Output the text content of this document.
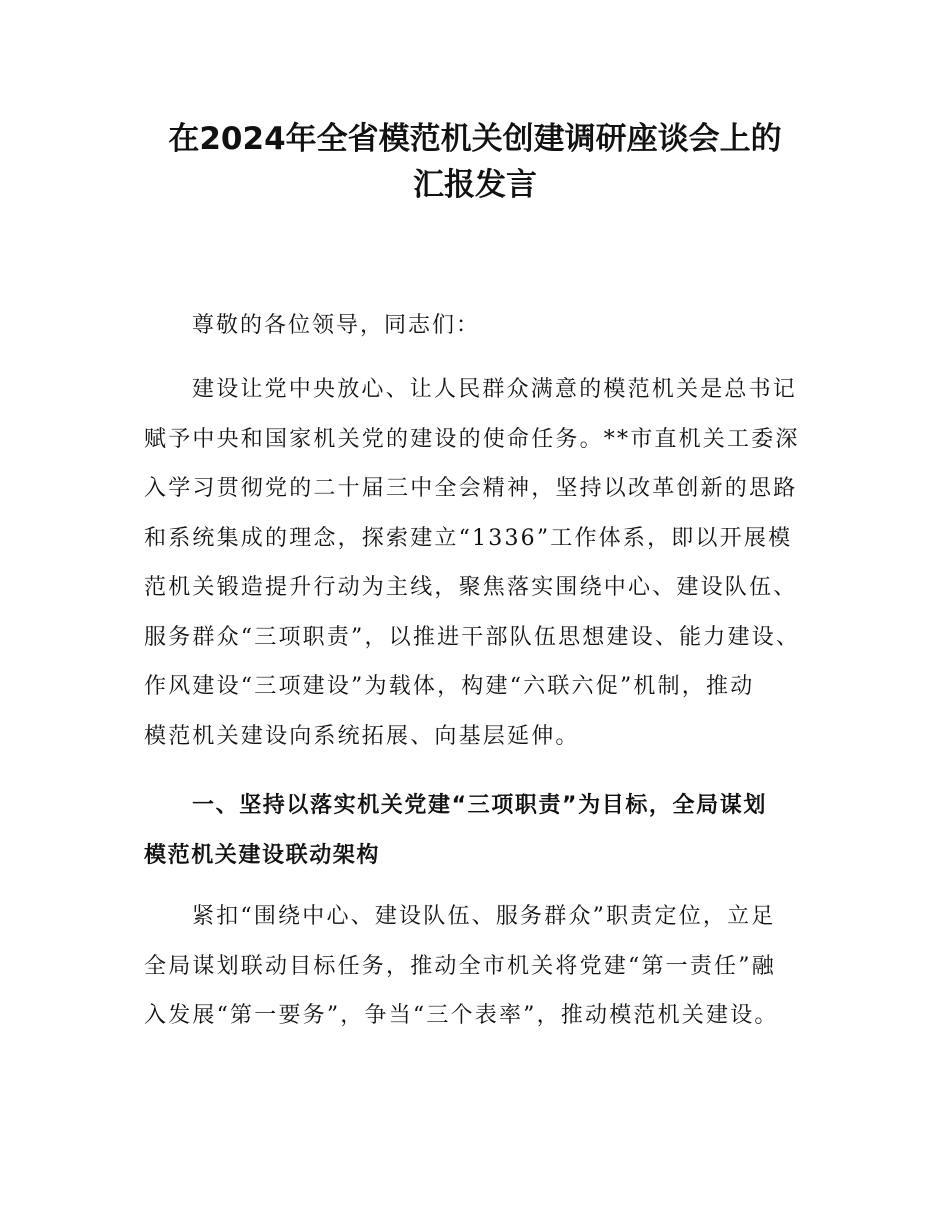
在2024年全省模范机关创建调研座谈会上的
汇报发言

尊敬的各位领导，同志们：

建设让党中央放心、让人民群众满意的模范机关是总书记
赋予中央和国家机关党的建设的使命任务。**市直机关工委深
入学习贯彻党的二十届三中全会精神，坚持以改革创新的思路
和系统集成的理念，探索建立“1336”工作体系，即以开展模
范机关锻造提升行动为主线，聚焦落实围绕中心、建设队伍、
服务群众“三项职责”，以推进干部队伍思想建设、能力建设、
作风建设“三项建设”为载体，构建“六联六促”机制，推动
模范机关建设向系统拓展、向基层延伸。
一、坚持以落实机关党建“三项职责”为目标，全局谋划
模范机关建设联动架构
紧扣“围绕中心、建设队伍、服务群众”职责定位，立足
全局谋划联动目标任务，推动全市机关将党建“第一责任”融
入发展“第一要务”，争当“三个表率”，推动模范机关建设。
